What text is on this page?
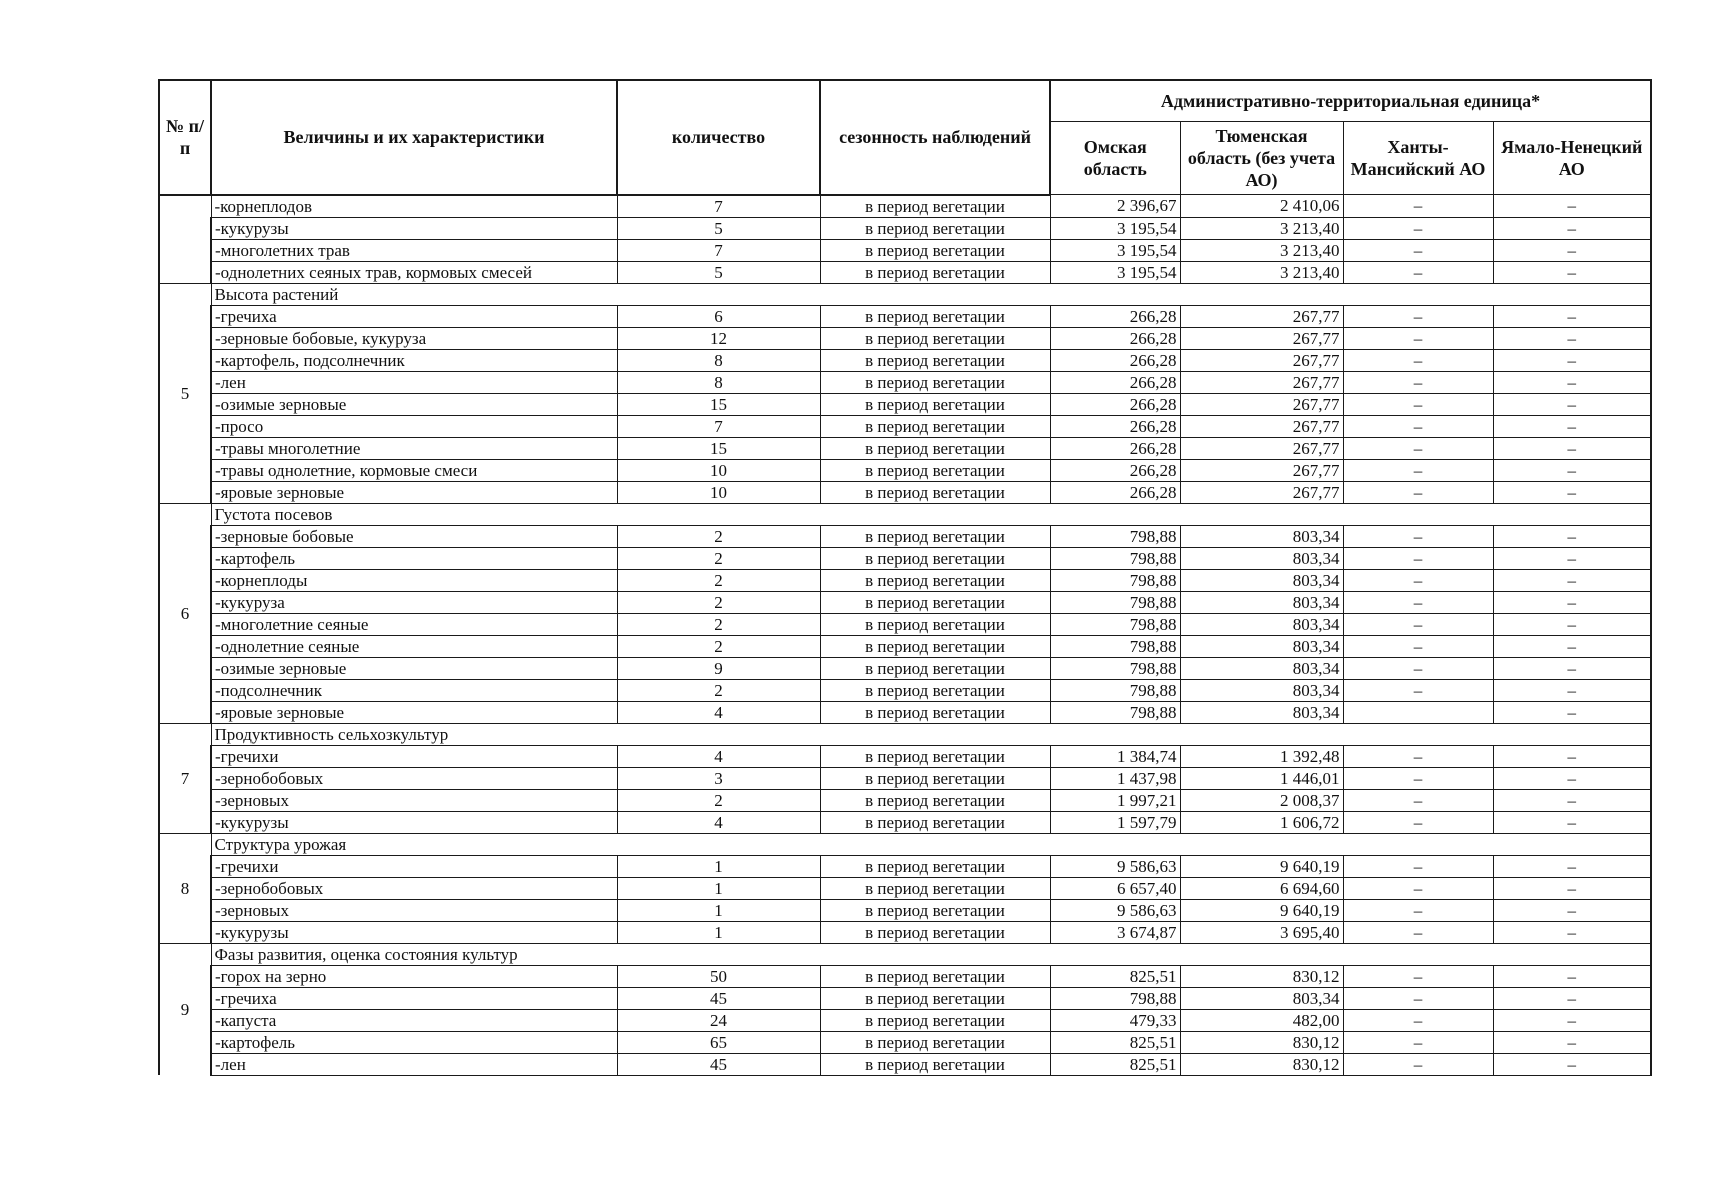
№ п/п	Величины и их характеристики	количество	сезонность наблюдений	Административно-территориальная единица*			
				Омская область	Тюменская область (без учета АО)	Ханты-Мансийский АО	Ямало-Ненецкий АО
	-корнеплодов	7	в период вегетации	2 396,67	2 410,06	–	–
	-кукурузы	5	в период вегетации	3 195,54	3 213,40	–	–
	-многолетних трав	7	в период вегетации	3 195,54	3 213,40	–	–
	-однолетних сеяных трав, кормовых смесей	5	в период вегетации	3 195,54	3 213,40	–	–
5	Высота растений						
	-гречиха	6	в период вегетации	266,28	267,77	–	–
	-зерновые бобовые, кукуруза	12	в период вегетации	266,28	267,77	–	–
	-картофель, подсолнечник	8	в период вегетации	266,28	267,77	–	–
	-лен	8	в период вегетации	266,28	267,77	–	–
	-озимые зерновые	15	в период вегетации	266,28	267,77	–	–
	-просо	7	в период вегетации	266,28	267,77	–	–
	-травы многолетние	15	в период вегетации	266,28	267,77	–	–
	-травы однолетние, кормовые смеси	10	в период вегетации	266,28	267,77	–	–
	-яровые зерновые	10	в период вегетации	266,28	267,77	–	–
6	Густота посевов						
	-зерновые бобовые	2	в период вегетации	798,88	803,34	–	–
	-картофель	2	в период вегетации	798,88	803,34	–	–
	-корнеплоды	2	в период вегетации	798,88	803,34	–	–
	-кукуруза	2	в период вегетации	798,88	803,34	–	–
	-многолетние сеяные	2	в период вегетации	798,88	803,34	–	–
	-однолетние сеяные	2	в период вегетации	798,88	803,34	–	–
	-озимые зерновые	9	в период вегетации	798,88	803,34	–	–
	-подсолнечник	2	в период вегетации	798,88	803,34	–	–
	-яровые зерновые	4	в период вегетации	798,88	803,34		–
7	Продуктивность сельхозкультур						
	-гречихи	4	в период вегетации	1 384,74	1 392,48	–	–
	-зернобобовых	3	в период вегетации	1 437,98	1 446,01	–	–
	-зерновых	2	в период вегетации	1 997,21	2 008,37	–	–
	-кукурузы	4	в период вегетации	1 597,79	1 606,72	–	–
8	Структура урожая						
	-гречихи	1	в период вегетации	9 586,63	9 640,19	–	–
	-зернобобовых	1	в период вегетации	6 657,40	6 694,60	–	–
	-зерновых	1	в период вегетации	9 586,63	9 640,19	–	–
	-кукурузы	1	в период вегетации	3 674,87	3 695,40	–	–
9	Фазы развития, оценка состояния культур						
	-горох на зерно	50	в период вегетации	825,51	830,12	–	–
	-гречиха	45	в период вегетации	798,88	803,34	–	–
	-капуста	24	в период вегетации	479,33	482,00	–	–
	-картофель	65	в период вегетации	825,51	830,12	–	–
	-лен	45	в период вегетации	825,51	830,12	–	–
